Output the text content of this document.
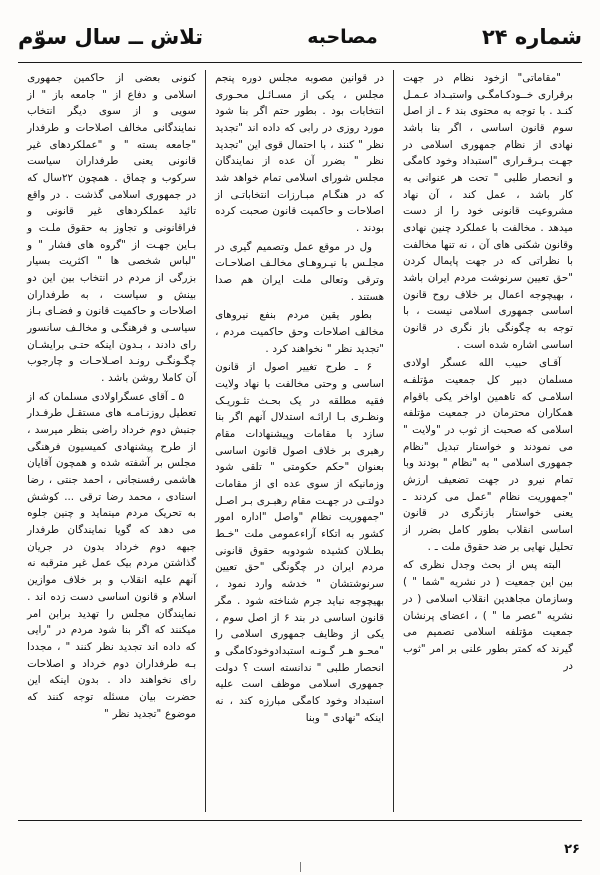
شماره ۲۴
مصاحبه
تلاش ــ سال سوّم

"مقاماتی" ازخود نظام در جهت برقراری خــودکـامگـی واستبـداد عـمـل کنـد . با توجه به محتوی بند ۶ ـ از اصل سوم قانون اساسی ، اگر بنا باشد نهادی از نظام جمهوری اسلامی در جهـت بـرقـراری "استبداد وخود کامگی و انحصار طلبی " تحت هر عنوانی به کار باشد ، عمل کند ، آن نهاد مشروعیت قانونی خود را از دست میدهد . مخالفت با عملکرد چنین نهادی وقانون شکنی های آن ، نه تنها مخالفت با نظراتی که در جهت پایمال کردن "حق تعیین سرنوشت مردم ایران باشد ، بهیچوجه اعمال بر خلاف روح قانون اساسی جمهوری اسلامی نیست ، با توجه به چگونگی باز نگری در قانون اساسی اشاره شده است .

آقـای حبیب الله عسگر اولادی مسلمان دبیر کل جمعیت مؤتلفـه اسلامـی که تاهمین اواخر یکی باقوام همکاران محترمان در جمعیت مؤتلفه اسلامی که صحبت از ثوب در "ولایت " می نمودند و خواستار تبدیل "نظام جمهوری اسلامی " به "نظام " بودند وبا تمام نیرو در جهت تضعیف ارزش "جمهوریت نظام "عمل می کردند ـ یعنی خواستار بازنگری در قانون اساسی انقلاب بطور کامل بضرر از تحلیل نهایی بر ضد حقوق ملت ـ .

البته پس از بحث وجدل نظری که بین این جمعیت ( در نشریه "شما " ) وسازمان مجاهدین انقلاب اسلامی ( در نشریه "عصر ما " ) ، اعضای پرنشان جمعیت مؤتلفه اسلامی تصمیم می گیرند که کمتر بطور علنی بر امر "ثوب در

در قوانین مصوبه مجلس دوره پنجم مجلس ، یکی از مسـائـل محـوری انتخابات بود . بطور حتم اگر بنا شود مورد روزی در رابی که داده اند "تجدید نظر " کنند ، با احتمال قوی این "تجدید نظر " بضرر آن عده از نمایندگان مجلس شورای اسلامی تمام خواهد شد که در هنگـام مبـارزات انتخاباتـی از اصلاحات و حاکمیت قانون صحبت کرده بودند .

ول در موقع عمل وتصمیم گیری در مجلـس با نیـروهـای مخالـف اصلاحـات وترقی وتعالی ملت ایران هم صدا هستند .

بطور یقین مردم بنفع نیروهای مخالف اصلاحات وحق حاکمیت مردم ، "تجدید نظر " نخواهند کرد .

۶ ـ طرح تغییر اصول از قانون اساسی و وحتی مخالفت با نهاد ولایت فقیه مطلقه در یک بحـث تئـوریـک ونظـری بـا ارائـه استدلال آنهم اگر بنا سازد با مقامات وپیشنهادات مقام رهبری بر خلاف اصول قانون اساسی بعنوان "حکم حکومتی " تلقی شود وزمانیکه از سوی عده ای از مقامات دولتـی در جهـت مقام رهبـری بـر اصـل "جمهوریت نظام "واصل "اداره امور کشور به اتکاء آراءعمومی ملت "خـط بطـلان کشیده شودوبه حقوق قانونی مردم ایران در چگونگی "حق تعیین سرنوشتشان " خدشه وارد نمود ، بهیچوجه نباید جرم شناخته شود . مگر قانون اساسی در بند ۶ از اصل سوم ، یکی از وظایف جمهوری اسلامی را "محـو هـر گـونـه استبدادوخودکامگی و انحصار طلبی " ندانسته است ؟ دولت جمهوری اسلامی موظف است علیه استبداد وخود کامگی مبارزه کند ، نه اینکه "نهادی " وبنا

کنونی بعضی از حاکمین جمهوری اسلامی و دفاع از " جامعه باز " از سویی و از سوی دیگر انتخاب نمایندگانی مخالف اصلاحات و طرفدار "جامعه بسته " و "عملکردهای غیر قانونی یعنی طرفداران سیاست سرکوب و چماق . همچون ۲۲سال که در جمهوری اسلامی گذشت . در واقع تائید عملکردهای غیر قانونی و فراقانونی و تجاوز به حقوق ملـت و بـاین جهـت از "گروه های فشار " و "لباس شخصی ها " اکثریت بسیار بزرگی از مردم در انتخاب بین این دو بینش و سیاست ، به طرفداران اصلاحات و حاکمیت قانون و فضـای بـاز سیاسـی و فرهنگـی و مخالـف سانسور رای دادند ، بـدون اینکه حتـی برایشـان چگـونگـی رونـد اصـلاحـات و چارجوب آن کاملا روشن باشد .

۵ ـ آقای عسگراولادی مسلمان که از تعطیل روزنـامـه های مستقـل طرفـدار جنبش دوم خرداد راضی بنظر میرسد ، از طرح پیشنهادی کمیسیون فرهنگی مجلس بر آشفته شده و همچون آقایان هاشمی رفسنجانی ، احمد جنتی ، رضا استادی ، محمد رضا ترقی ... کوشش به تحریک مردم مینماید و چنین جلوه می دهد که گویا نمایندگان طرفدار جبهه دوم خرداد بدون در جریان گذاشتن مردم بیک عمل غیر مترقبه نه آنهم علیه انقلاب و بر خلاف موازین اسلام و قانون اساسی دست زده اند . نمایندگان مجلس را تهدید برابن امر میکنند که اگر بنا شود مردم در "رایی که داده اند تجدید نظر کنند " ، مجددا بـه طرفداران دوم خرداد و اصلاحات رای نخواهند داد . بدون اینکه این حضرت بیان مسئله توجه کنند که موضوع "تجدید نظر "

۲۶
